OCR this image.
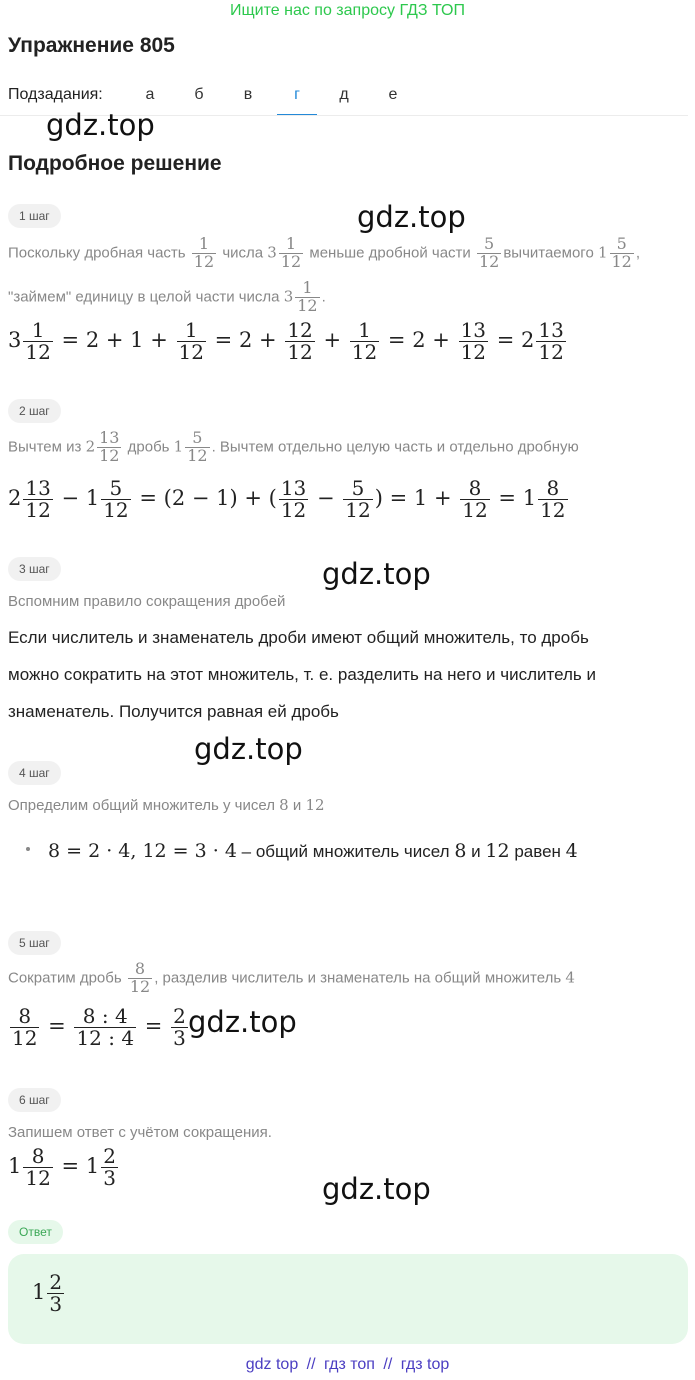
Ищите нас по запросу ГДЗ ТОП
Упражнение 805
Подзадания:	а	б	в	г	д	е
gdz.top
gdz.top
gdz.top
gdz.top
gdz.top
gdz.top
Подробное решение
1 шаг
Поскольку дробная часть $\frac{1}{12}$ числа $3 \frac{1}{12}$ меньше дробной части $\frac{5}{12}$ вычитаемого $1 \frac{5}{12}$ ,
"займем" единицу в целой части числа $3 \frac{1}{12}$ .
$3 \frac{1}{12} = 2 + 1 + \frac{1}{12} = 2 + \frac{12}{12} + \frac{1}{12} = 2 + \frac{13}{12} = 2 \frac{13}{12}$
2 шаг
Вычтем из $2 \frac{13}{12}$ дробь $1 \frac{5}{12}$ . Вычтем отдельно целую часть и отдельно дробную
$2 \frac{13}{12} - 1 \frac{5}{12} = (2 - 1)$ + ( $\frac{13}{12} - \frac{5}{12}$ ) = $1 + \frac{8}{12} = 1 \frac{8}{12}$
3 шаг
Вспомним правило сокращения дробей
Если числитель и знаменатель дроби имеют общий множитель, то дробь
можно сократить на этот множитель, т. е. разделить на него и числитель и
знаменатель. Получится равная ей дробь
4 шаг
Определим общий множитель у чисел 8 и 12
8 = 2 · 4, 12 = 3 · 4 – общий множитель чисел 8 и 12 равен 4
5 шаг
Сократим дробь $\frac{8}{12}$ , разделив числитель и знаменатель на общий множитель 4
$\frac{8}{12} = \frac{8 : 4}{12 : 4} = \frac{2}{3}$
6 шаг
Запишем ответ с учётом сокращения.
$1 \frac{8}{12} = 1 \frac{2}{3}$
Ответ
$1 \frac{2}{3}$
gdz top // гдз топ // гдз top
